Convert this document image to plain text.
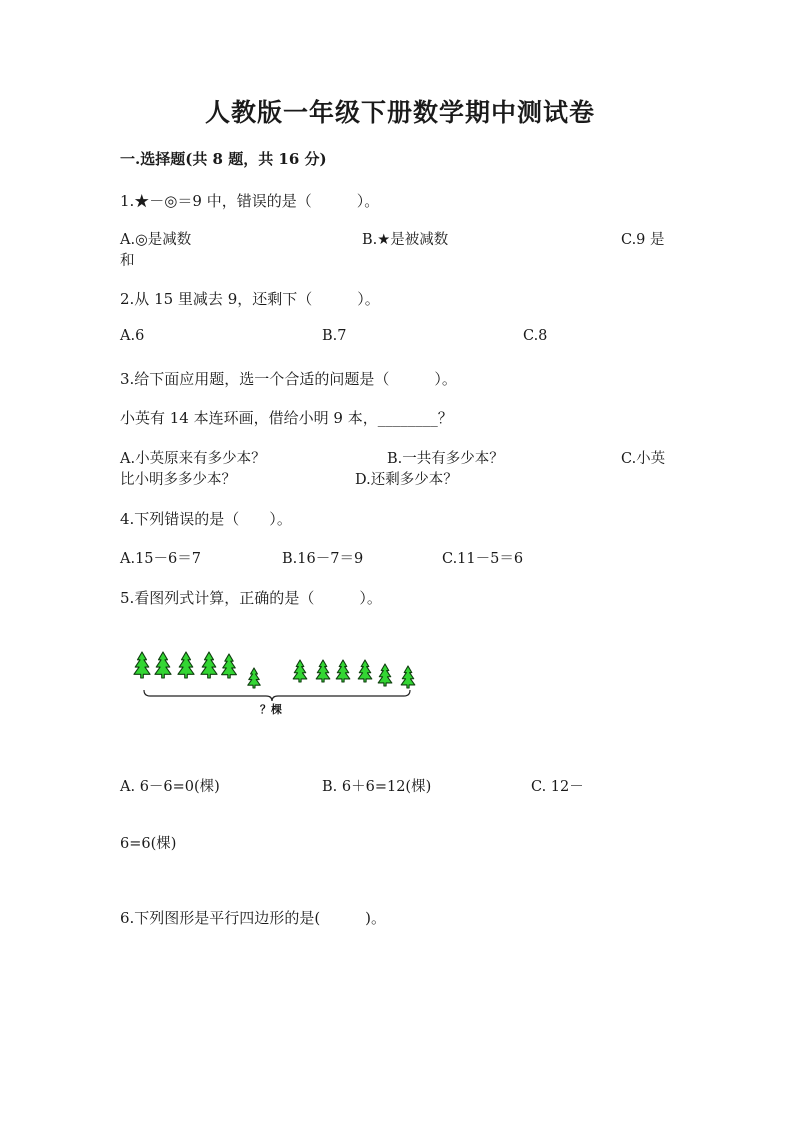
人教版一年级下册数学期中测试卷
一.选择题(共 8 题，共 16 分)
1.★－◎＝9 中，错误的是（　　　）。
A.◎是减数	B.★是被减数	C.9 是
和
2.从 15 里减去 9，还剩下（　　　）。
A.6	B.7	C.8
3.给下面应用题，选一个合适的问题是（　　　）。
小英有 14 本连环画，借给小明 9 本，________？
A.小英原来有多少本？	B.一共有多少本？	C.小英
比小明多多少本？	D.还剩多少本？
4.下列错误的是（　　）。
A.15－6＝7	B.16－7＝9	C.11－5＝6
5.看图列式计算，正确的是（　　　）。
？棵
A. 6－6=0(棵)	B. 6＋6=12(棵)	C. 12－
6=6(棵)
6.下列图形是平行四边形的是(　　　)。
